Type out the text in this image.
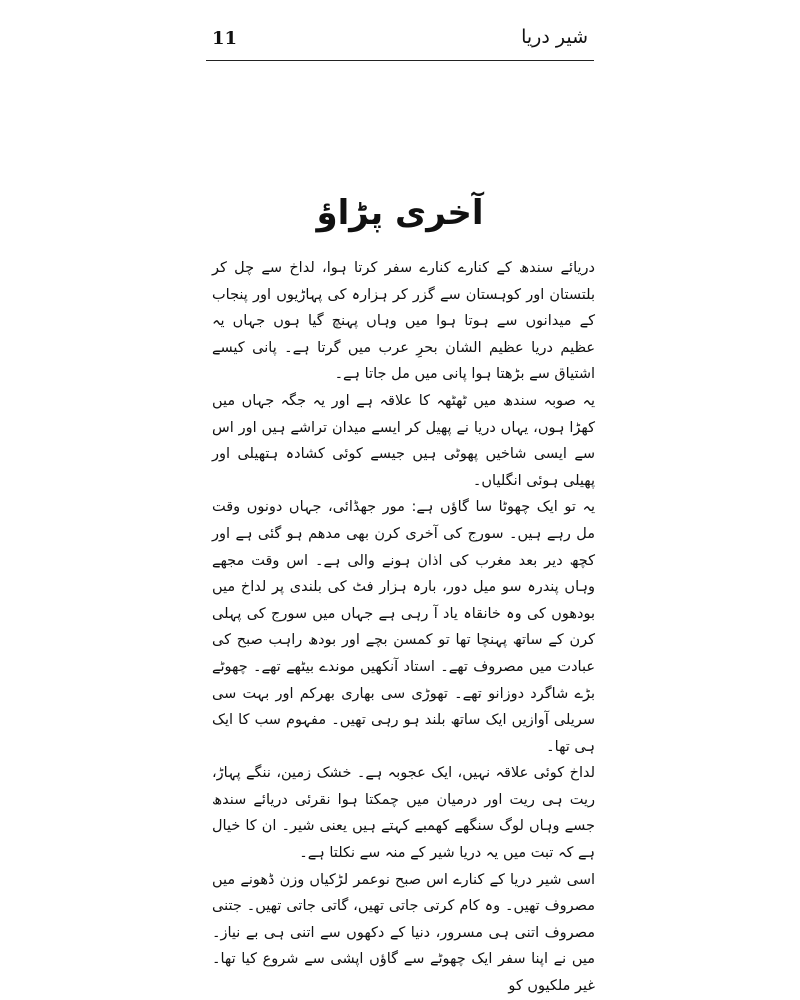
11	شیر دریا
آخری پڑاؤ

دریائے سندھ کے کنارے کنارے سفر کرتا ہوا، لداخ سے چل کر بلتستان اور کوہستان سے گزر کر ہزارہ کی پہاڑیوں اور پنجاب کے میدانوں سے ہوتا ہوا میں وہاں پہنچ گیا ہوں جہاں یہ عظیم دریا عظیم الشان بحرِ عرب میں گرتا ہے۔ پانی کیسے اشتیاق سے بڑھتا ہوا پانی میں مل جاتا ہے۔

یہ صوبہ سندھ میں ٹھٹھہ کا علاقہ ہے اور یہ جگہ جہاں میں کھڑا ہوں، یہاں دریا نے پھیل کر ایسے میدان تراشے ہیں اور اس سے ایسی شاخیں پھوٹی ہیں جیسے کوئی کشادہ ہتھیلی اور پھیلی ہوئی انگلیاں۔

یہ تو ایک چھوٹا سا گاؤں ہے: مور جھڈائی، جہاں دونوں وقت مل رہے ہیں۔ سورج کی آخری کرن بھی مدھم ہو گئی ہے اور کچھ دیر بعد مغرب کی اذان ہونے والی ہے۔ اس وقت مجھے وہاں پندرہ سو میل دور، بارہ ہزار فٹ کی بلندی پر لداخ میں بودھوں کی وہ خانقاہ یاد آ رہی ہے جہاں میں سورج کی پہلی کرن کے ساتھ پہنچا تھا تو کمسن بچے اور بودھ راہب صبح کی عبادت میں مصروف تھے۔ استاد آنکھیں موندے بیٹھے تھے۔ چھوٹے بڑے شاگرد دوزانو تھے۔ تھوڑی سی بھاری بھرکم اور بہت سی سریلی آوازیں ایک ساتھ بلند ہو رہی تھیں۔ مفہوم سب کا ایک ہی تھا۔

لداخ کوئی علاقہ نہیں، ایک عجوبہ ہے۔ خشک زمین، ننگے پہاڑ، ریت ہی ریت اور درمیان میں چمکتا ہوا نقرئی دریائے سندھ جسے وہاں لوگ سنگھے کھمبے کہتے ہیں یعنی شیر۔ ان کا خیال ہے کہ تبت میں یہ دریا شیر کے منہ سے نکلتا ہے۔

اسی شیر دریا کے کنارے اس صبح نوعمر لڑکیاں وزن ڈھونے میں مصروف تھیں۔ وہ کام کرتی جاتی تھیں، گاتی جاتی تھیں۔ جتنی مصروف اتنی ہی مسرور، دنیا کے دکھوں سے اتنی ہی بے نیاز۔ میں نے اپنا سفر ایک چھوٹے سے گاؤں اپشی سے شروع کیا تھا۔ غیر ملکیوں کو
